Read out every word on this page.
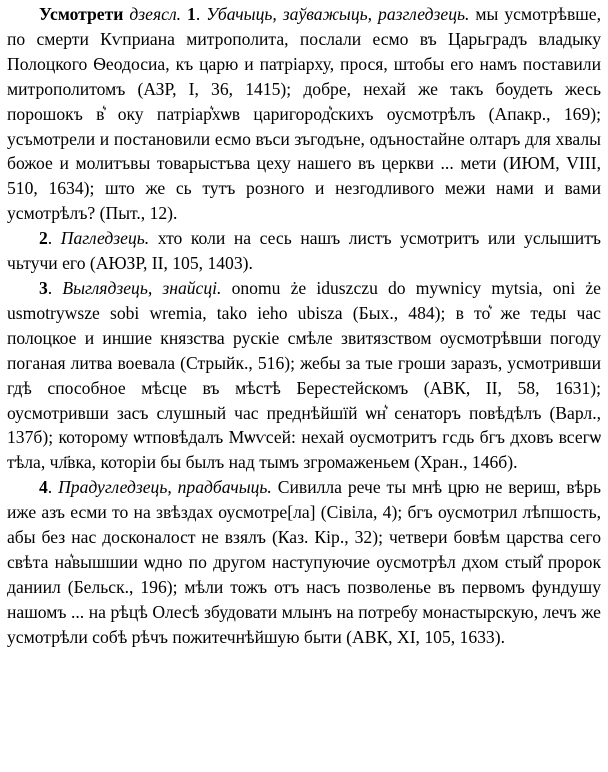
Усмотрети дзеясл. 1. Убачыць, заўважыць, разгледзець. мы усмотрѣвше, по смерти Кѵприана митрополита, послали есмо въ Царьградъ владыку Полоцкого Ѳеодосиа, къ царю и патріарху, прося, штобы его намъ поставили митрополитомъ (АЗР, І, 36, 1415); добре, нехай же такъ боудеть жесь порошокъ в͛ оку патріар͛хѡв царигород͛скихъ оусмотрѣлъ (Апакр., 169); усъмотрели и постановили есмо въси зъгодъне, одъностайне олтаръ для хвалы божое и молитъвы товарыстъва цеху нашего въ церкви ... мети (ИЮМ, VIII, 510, 1634); што же сь тутъ розного и незгодливого межи нами и вами усмотрѣлъ? (Пыт., 12).

2. Пагледзець. хто коли на сесь нашъ листъ усмотритъ или услышитъ чьтучи его (АЮЗР, II, 105, 1403).

3. Выглядзець, знайсці. onomu że iduszczu do mywnicy mytsia, oni że usmotrywsze sobi wremia, tako ieho ubisza (Бых., 484); в то͛ же теды час полоцкое и иншие князства рускіе смѣле звитязством оусмотрѣвши погоду поганая литва воевала (Стрыйк., 516); жебы за тые гроши заразъ, усмотривши гдѣ способное мѣсце въ мѣстѣ Берестейскомъ (АВК, II, 58, 1631); оусмотривши засъ слушный час преднѣйшїй ѡн͛ сенаторъ повѣдѣлъ (Варл., 137б); которому ѡтповѣдалъ Мѡѵсей: нехай оусмотритъ гсдь бгъ дховъ всегѡ тѣла, чл҃вка, которіи бы былъ над тымъ згромаженьем (Хран., 146б).

4. Прадугледзець, прадбачыць. Сивилла рече ты мнѣ црю не вериш, вѣрь иже азъ есми то на звѣздах оусмотре[ла] (Сівіла, 4); бгъ оусмотрил лѣпшость, абы без нас досконалост не взялъ (Каз. Кір., 32); четвери бовѣм царства сего свѣта на͛вышшии ѡдно по другом наступуючие оусмотрѣл дхом стый͛ пророк даниил (Бельск., 196); мѣли тожъ отъ насъ позволенье въ первомъ фундушу нашомъ ... на рѣцѣ Олесѣ збудовати млынъ на потребу монастырскую, лечъ же усмотрѣли собѣ рѣчъ пожитечнѣйшую быти (АВК, XI, 105, 1633).
